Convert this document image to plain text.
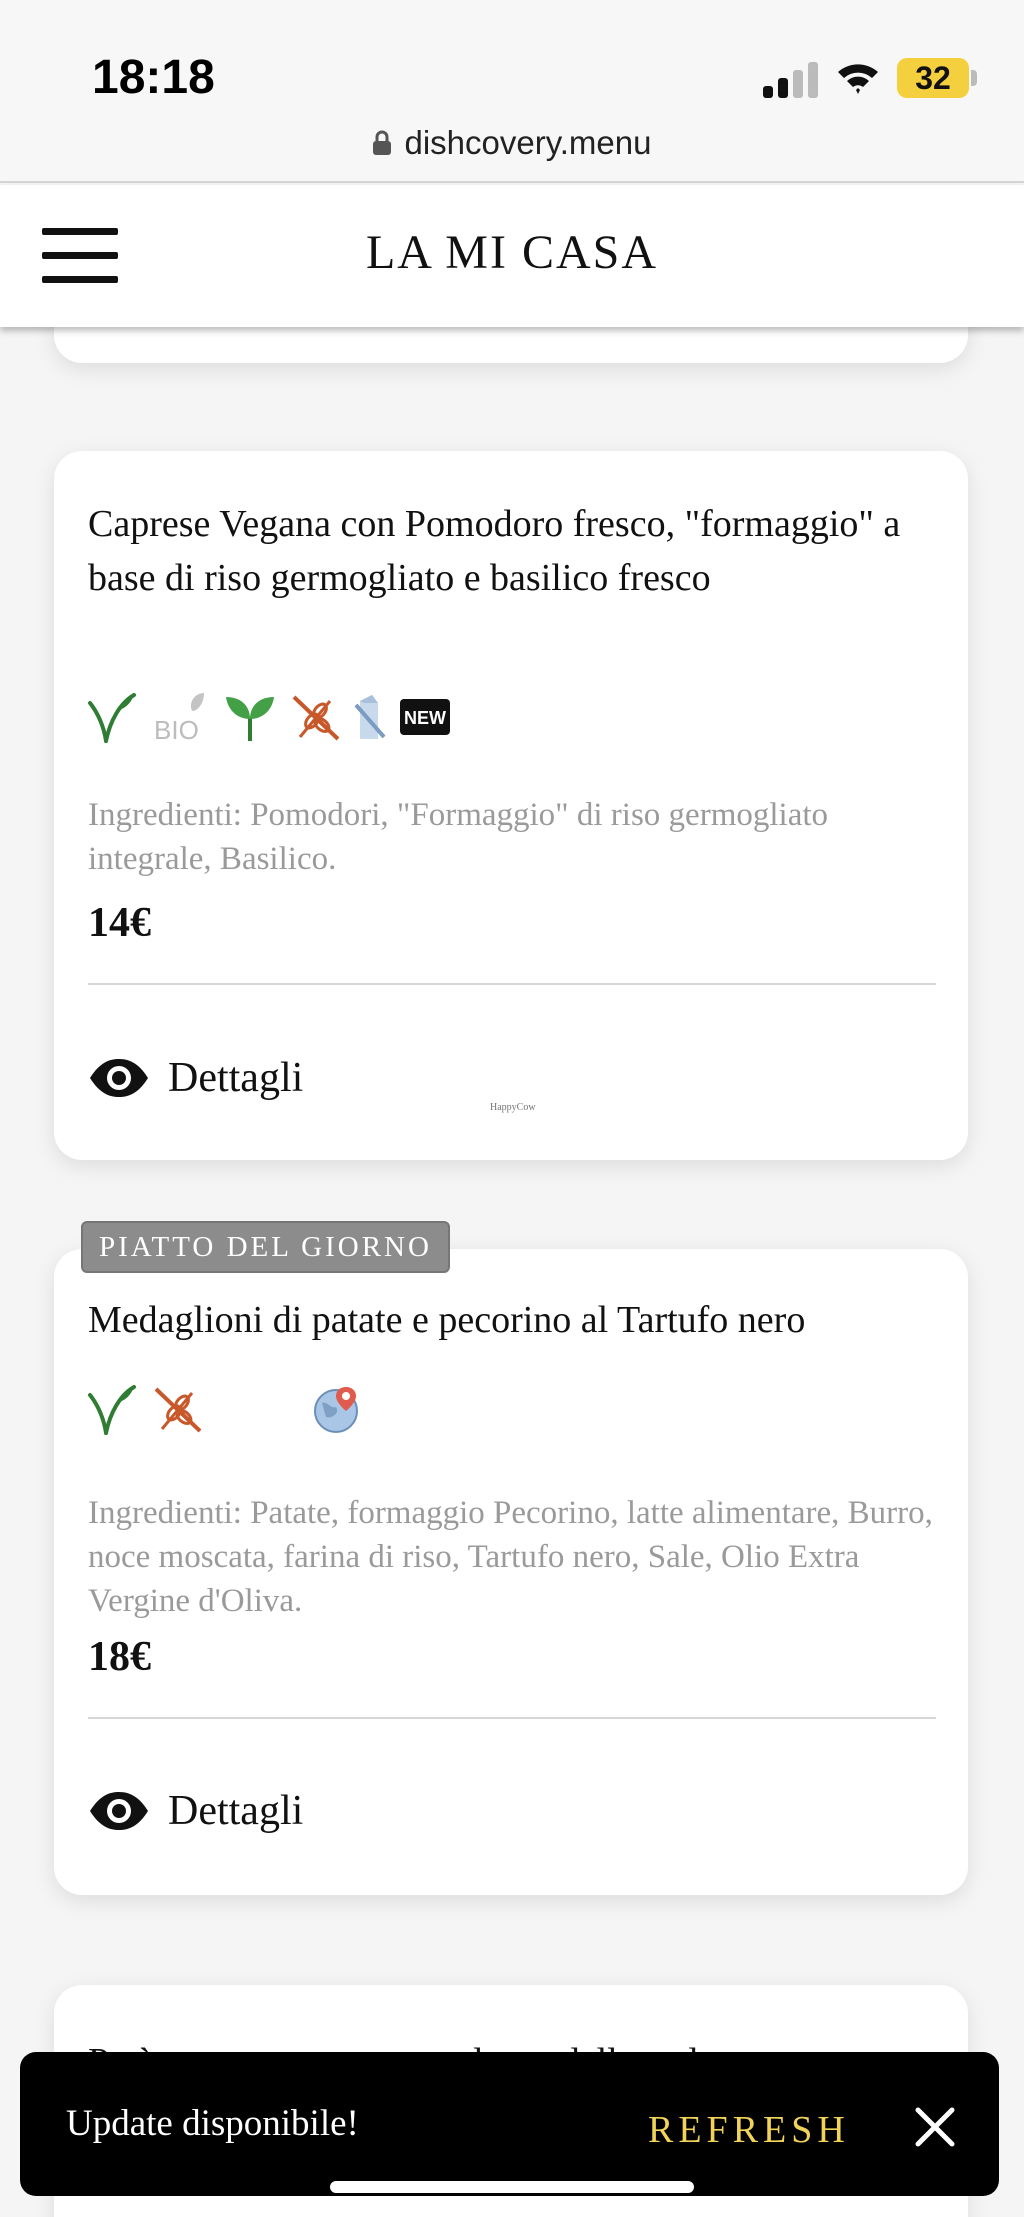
18:18	32
dishcovery.menu
LA MI CASA
Caprese Vegana con Pomodoro fresco, "formaggio" a base di riso germogliato e basilico fresco
BIO	NEW
Ingredienti: Pomodori, "Formaggio" di riso germogliato integrale, Basilico.
14€
Dettagli
HappyCow
PIATTO DEL GIORNO
Medaglioni di patate e pecorino al Tartufo nero
Ingredienti: Patate, formaggio Pecorino, latte alimentare, Burro, noce moscata, farina di riso, Tartufo nero, Sale, Olio Extra Vergine d'Oliva.
18€
Dettagli
Update disponibile!	REFRESH
